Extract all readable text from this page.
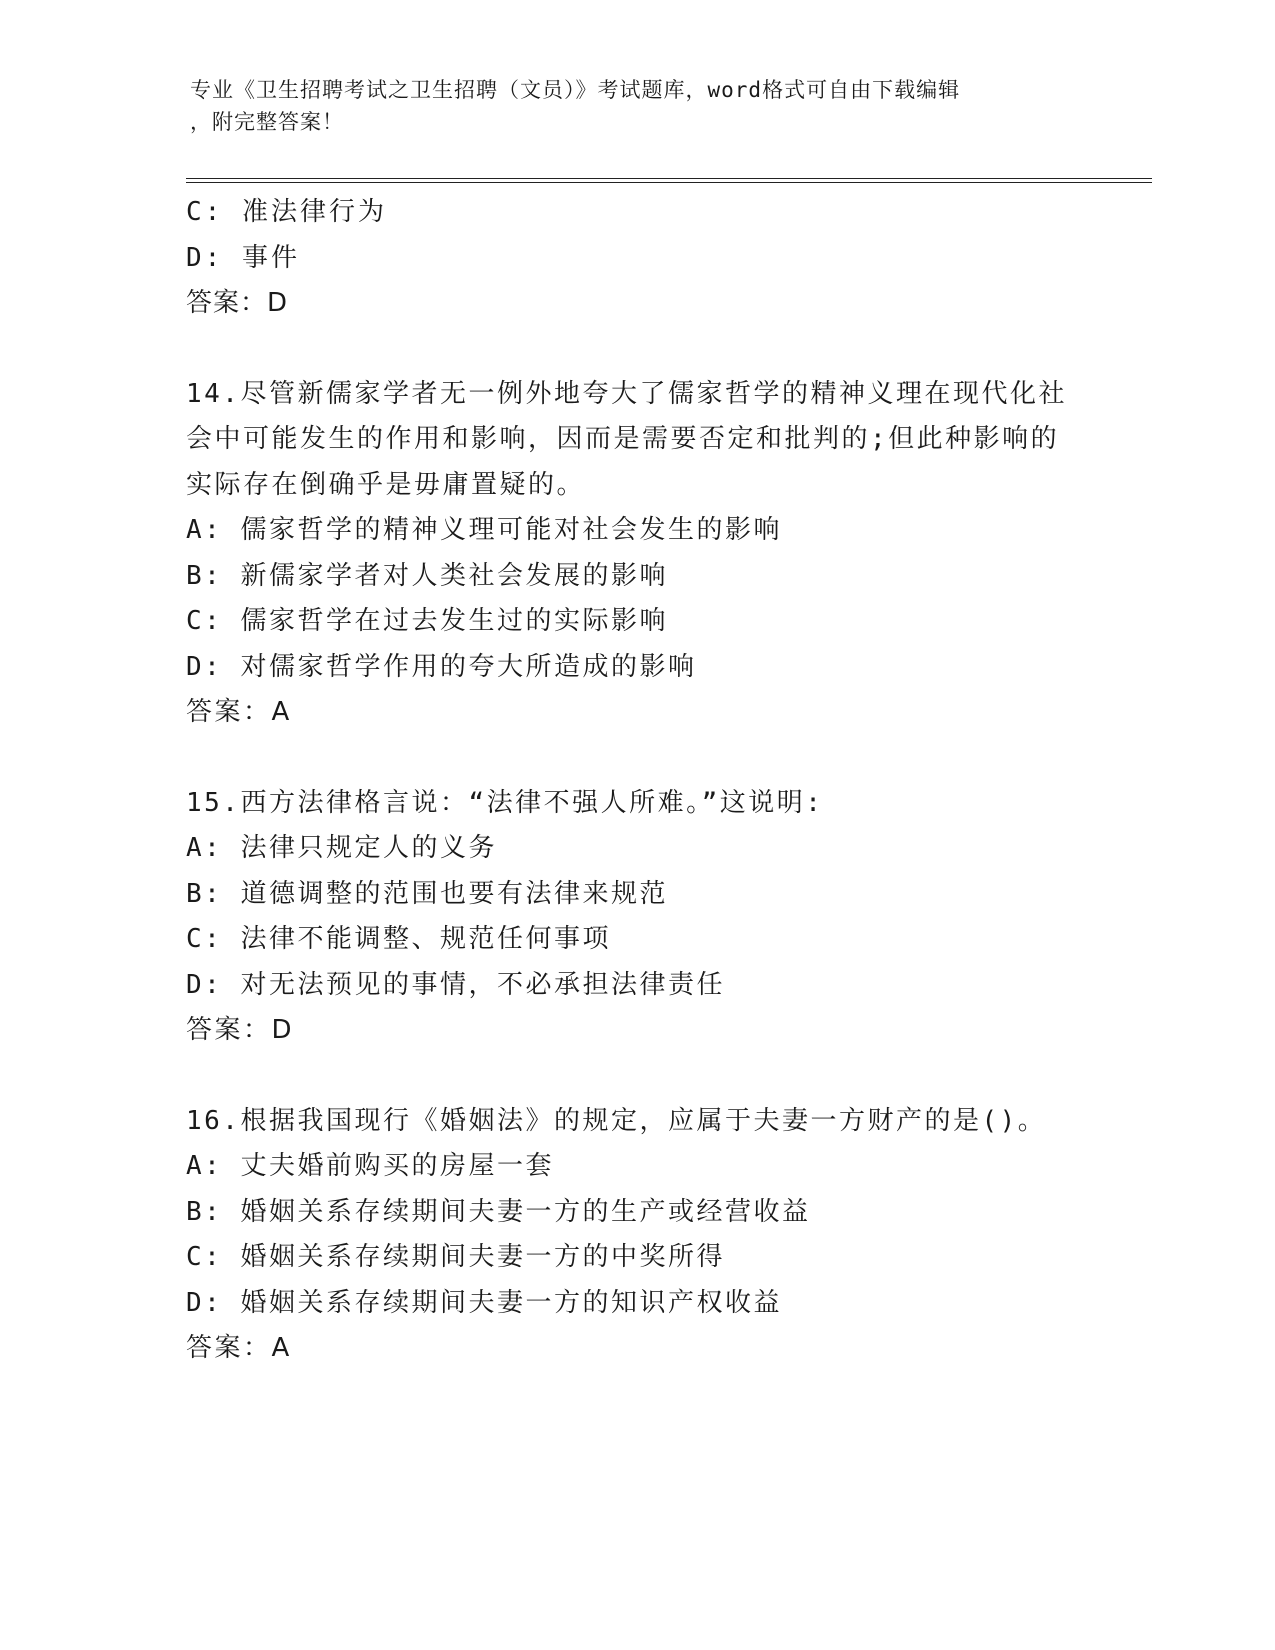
专业《卫生招聘考试之卫生招聘（文员）》考试题库，word格式可自由下载编辑
，附完整答案！
C: 准法律行为
D: 事件
答案：D
14.尽管新儒家学者无一例外地夸大了儒家哲学的精神义理在现代化社
会中可能发生的作用和影响，因而是需要否定和批判的;但此种影响的
实际存在倒确乎是毋庸置疑的。
A: 儒家哲学的精神义理可能对社会发生的影响
B: 新儒家学者对人类社会发展的影响
C: 儒家哲学在过去发生过的实际影响
D: 对儒家哲学作用的夸大所造成的影响
答案：A
15.西方法律格言说：“法律不强人所难。”这说明:
A: 法律只规定人的义务
B: 道德调整的范围也要有法律来规范
C: 法律不能调整、规范任何事项
D: 对无法预见的事情，不必承担法律责任
答案：D
16.根据我国现行《婚姻法》的规定，应属于夫妻一方财产的是()。
A: 丈夫婚前购买的房屋一套
B: 婚姻关系存续期间夫妻一方的生产或经营收益
C: 婚姻关系存续期间夫妻一方的中奖所得
D: 婚姻关系存续期间夫妻一方的知识产权收益
答案：A
